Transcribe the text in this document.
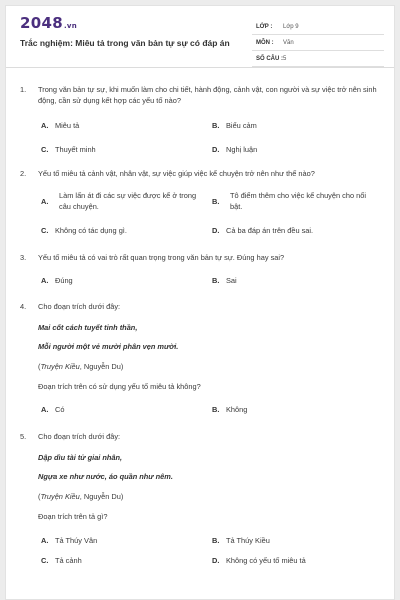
2048.vn
Trắc nghiệm: Miêu tả trong văn bản tự sự có đáp án
LỚP : Lớp 9
MÔN : Văn
SỐ CÂU : 5
1.	Trong văn bản tự sự, khi muốn làm cho chi tiết, hành động, cảnh vật, con người và sự việc trở nên sinh động, cần sử dụng kết hợp các yếu tố nào?
A. Miêu tả	B. Biểu cảm
C. Thuyết minh	D. Nghị luận
2.	Yếu tố miêu tả cảnh vật, nhân vật, sự việc giúp việc kể chuyện trở nên như thế nào?
A.
Làm lấn át đi các sự việc được kể ở trong câu chuyện.
B.
Tô điểm thêm cho việc kể chuyện cho nổi bật.
C. Không có tác dụng gì.	D. Cả ba đáp án trên đều sai.
3.	Yếu tố miêu tả có vai trò rất quan trọng trong văn bản tự sự. Đúng hay sai?
A. Đúng	B. Sai
4.	Cho đoạn trích dưới đây:
Mai cốt cách tuyết tinh thần,
Mỗi người một vẻ mười phân vẹn mười.
(Truyện Kiều, Nguyễn Du)
Đoạn trích trên có sử dụng yếu tố miêu tả không?
A. Có	B. Không
5.	Cho đoạn trích dưới đây:
Dập dìu tài tử giai nhân,
Ngựa xe như nước, áo quần như nêm.
(Truyện Kiều, Nguyễn Du)
Đoạn trích trên tả gì?
A. Tả Thúy Vân	B. Tả Thúy Kiều
C. Tả cảnh	D. Không có yếu tố miêu tả
